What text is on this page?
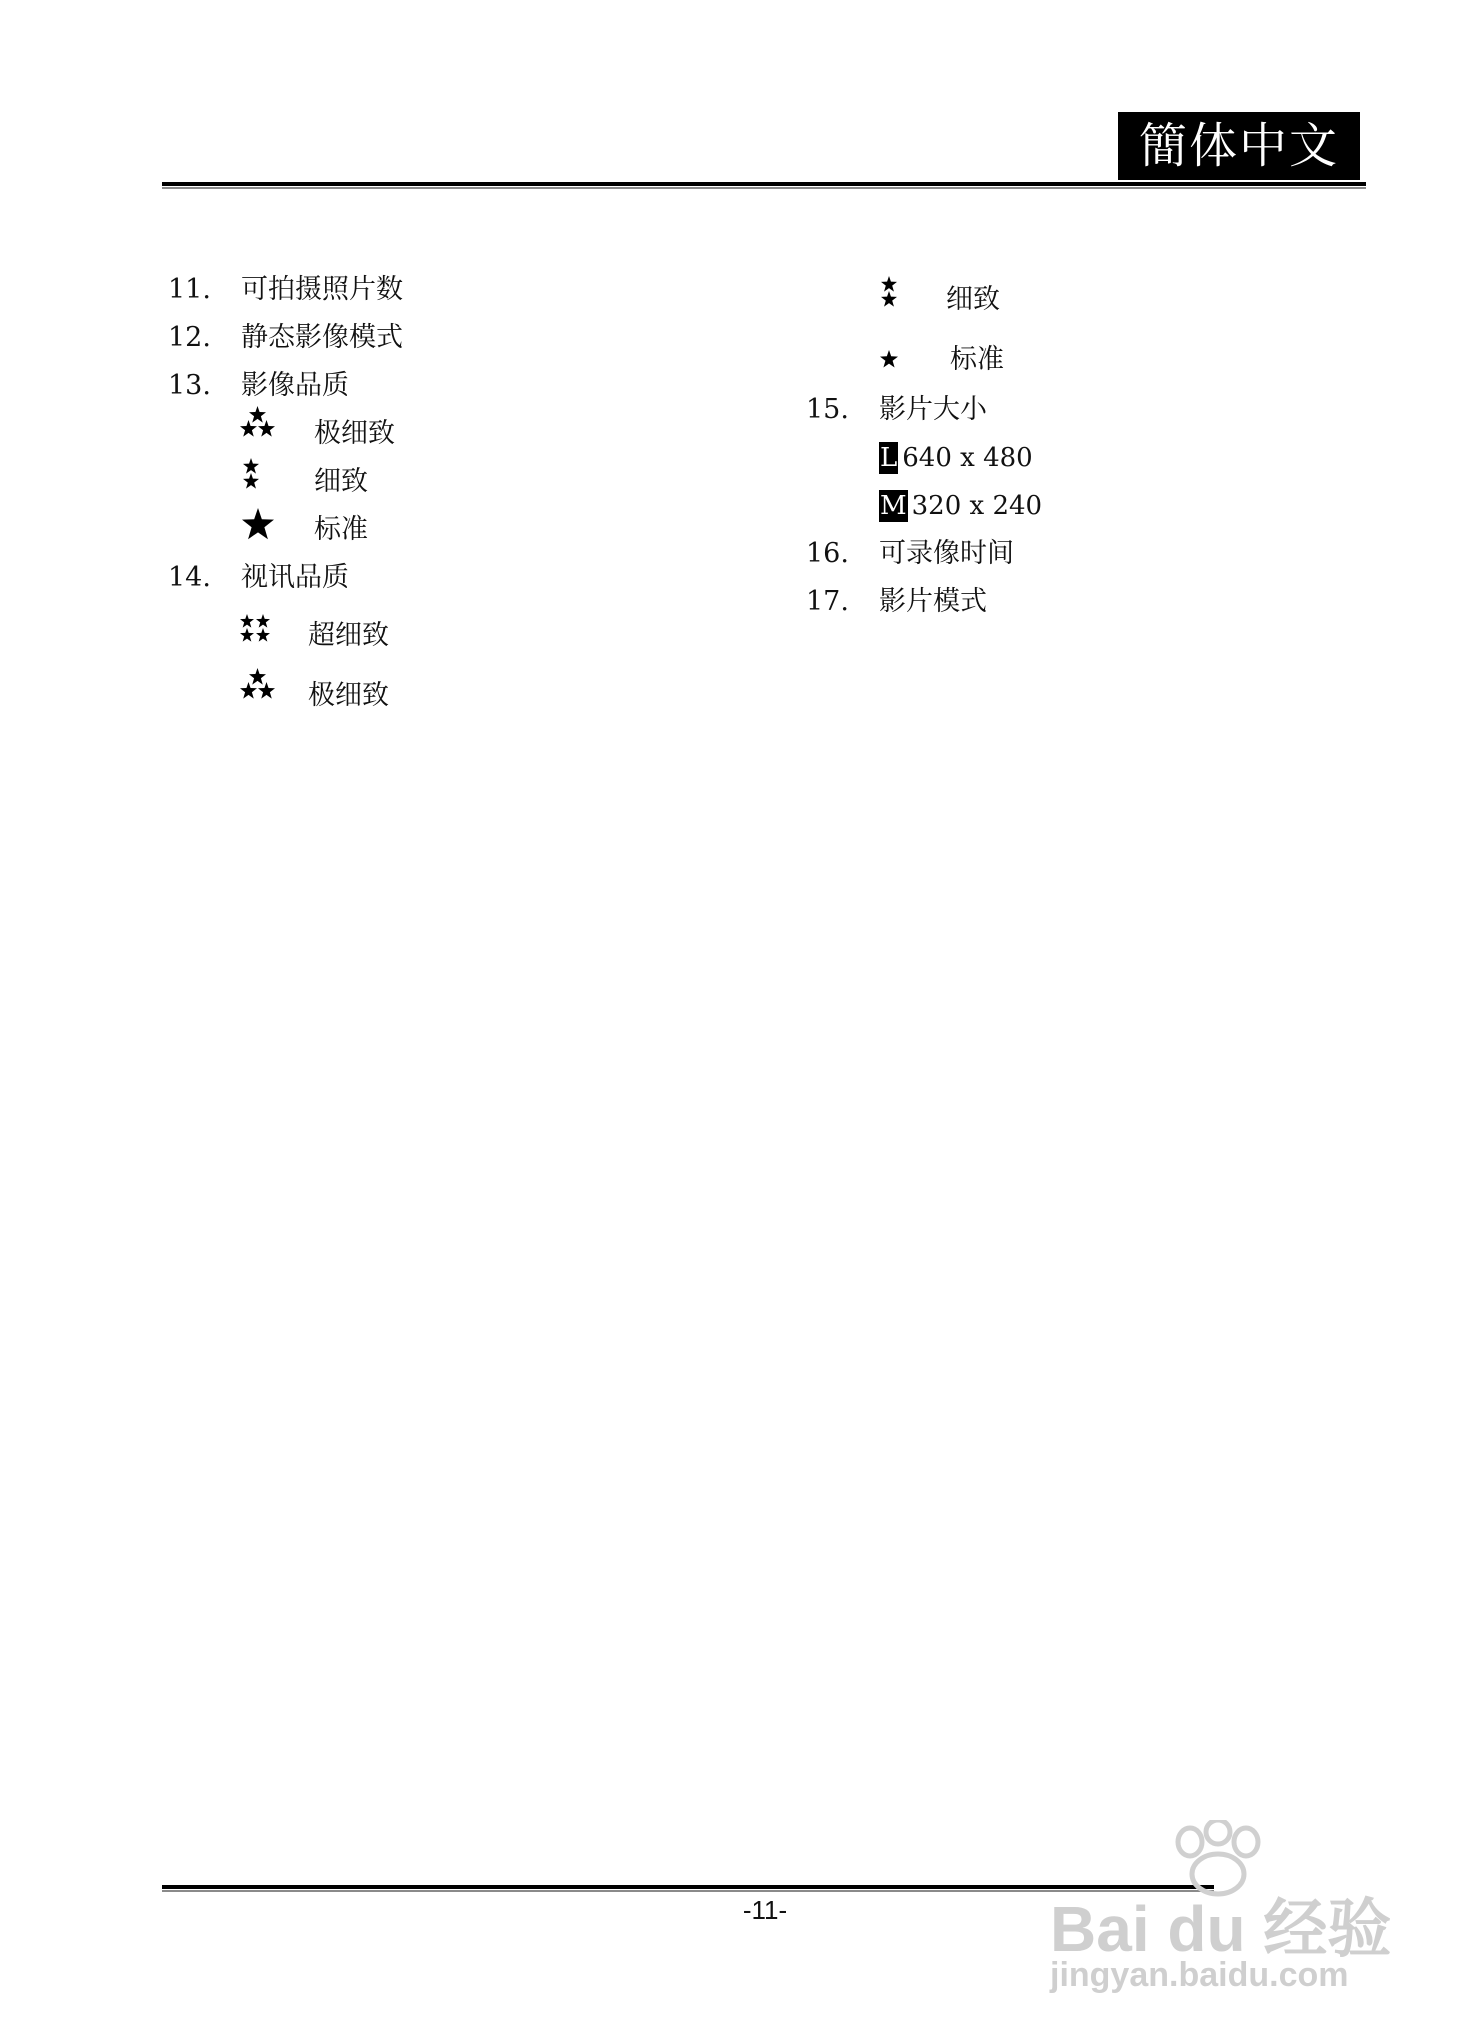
簡体中文
11. 可拍摄照片数
12. 静态影像模式
13. 影像品质
极细致
细致
标准
14. 视讯品质
超细致
极细致
细致
标准
15. 影片大小
L 640 x 480
M 320 x 240
16. 可录像时间
17. 影片模式
-11-	Bai du 经验
jingyan.baidu.com
